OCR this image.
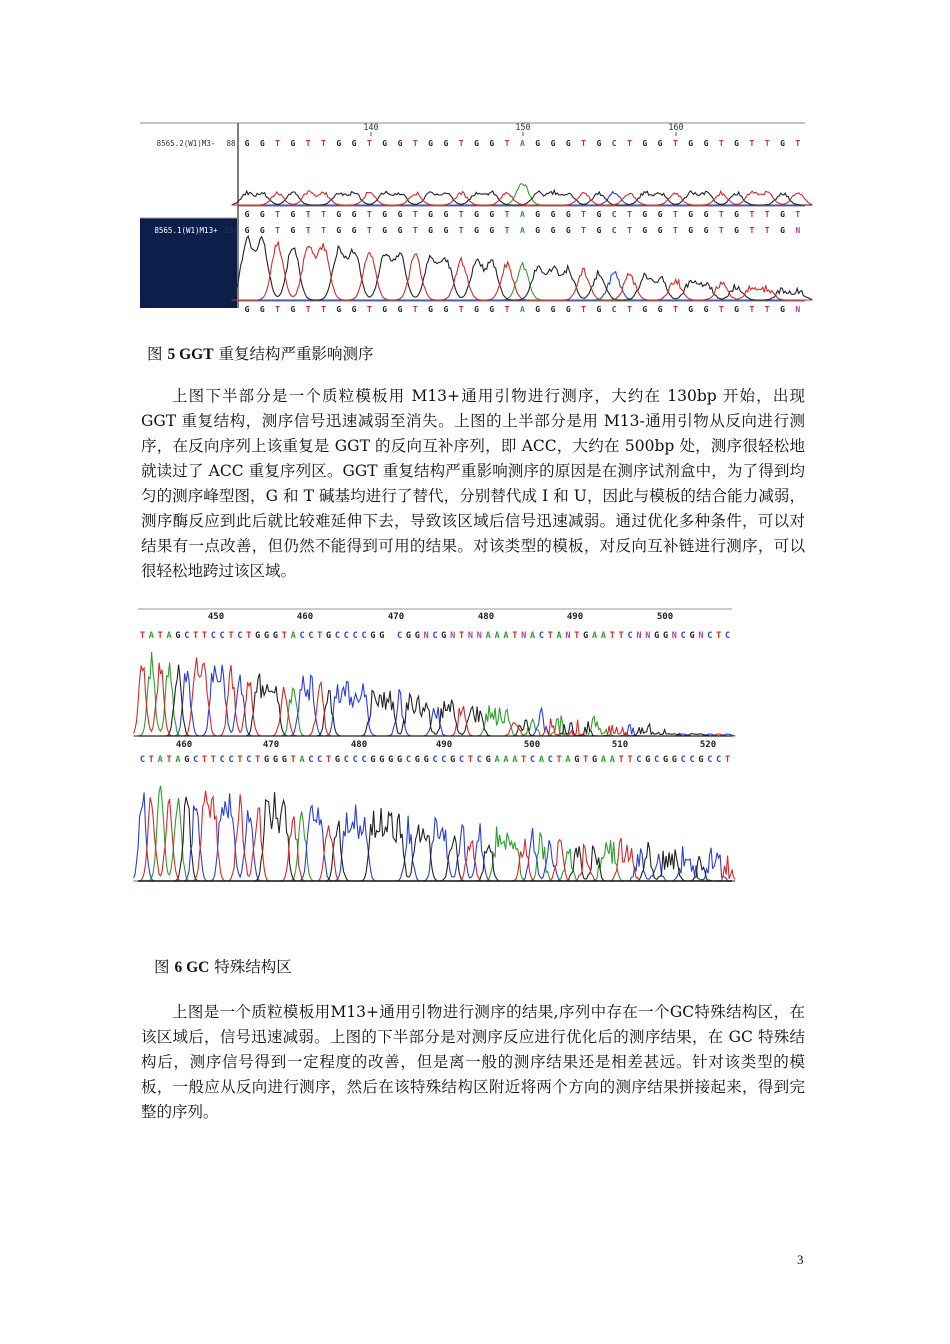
140	150	160
8565.2(W1)M3- 88 G G T G T T G G T G G T G G T G G T A G G G T G C T G G T G G T G T T G T
G G T G T T G G T G G T G G T G G T A G G G T G C T G G T G G T G T T G T
8565.1(W1)M13+ 131 G G T G T T G G T G G T G G T G G T A G G G T G C T G G T G G T G T T G N
G G T G T T G G T G G T G G T G G T A G G G T G C T G G T G G T G T T G N
图 5 GGT 重复结构严重影响测序

上图下半部分是一个质粒模板用 M13+通用引物进行测序，大约在 130bp 开始，出现 GGT 重复结构，测序信号迅速减弱至消失。上图的上半部分是用 M13-通用引物从反向进行测序，在反向序列上该重复是 GGT 的反向互补序列，即 ACC，大约在 500bp 处，测序很轻松地就读过了 ACC 重复序列区。GGT 重复结构严重影响测序的原因是在测序试剂盒中，为了得到均匀的测序峰型图，G 和 T 碱基均进行了替代，分别替代成 I 和 U，因此与模板的结合能力减弱，测序酶反应到此后就比较难延伸下去，导致该区域后信号迅速减弱。通过优化多种条件，可以对结果有一点改善，但仍然不能得到可用的结果。对该类型的模板，对反向互补链进行测序，可以很轻松地跨过该区域。

450	460	470	480	490	500
T A T A G C T T C C T C T G G G T A C C T G C C C C G G C G G N C G N T N N A A A T N A C T A N T G A A T T C N N G G N C G N C T C
460	470	480	490	500	510	520
C T A T A G C T T C C T C T G G G T A C C T G C C C G G G G C G G C C G C T C G A A A T C A C T A G T G A A T T C G C G G C C G C C T
图 6 GC 特殊结构区

上图是一个质粒模板用M13+通用引物进行测序的结果,序列中存在一个GC特殊结构区，在该区域后，信号迅速减弱。上图的下半部分是对测序反应进行优化后的测序结果，在 GC 特殊结构后，测序信号得到一定程度的改善，但是离一般的测序结果还是相差甚远。针对该类型的模板，一般应从反向进行测序，然后在该特殊结构区附近将两个方向的测序结果拼接起来，得到完整的序列。

3
